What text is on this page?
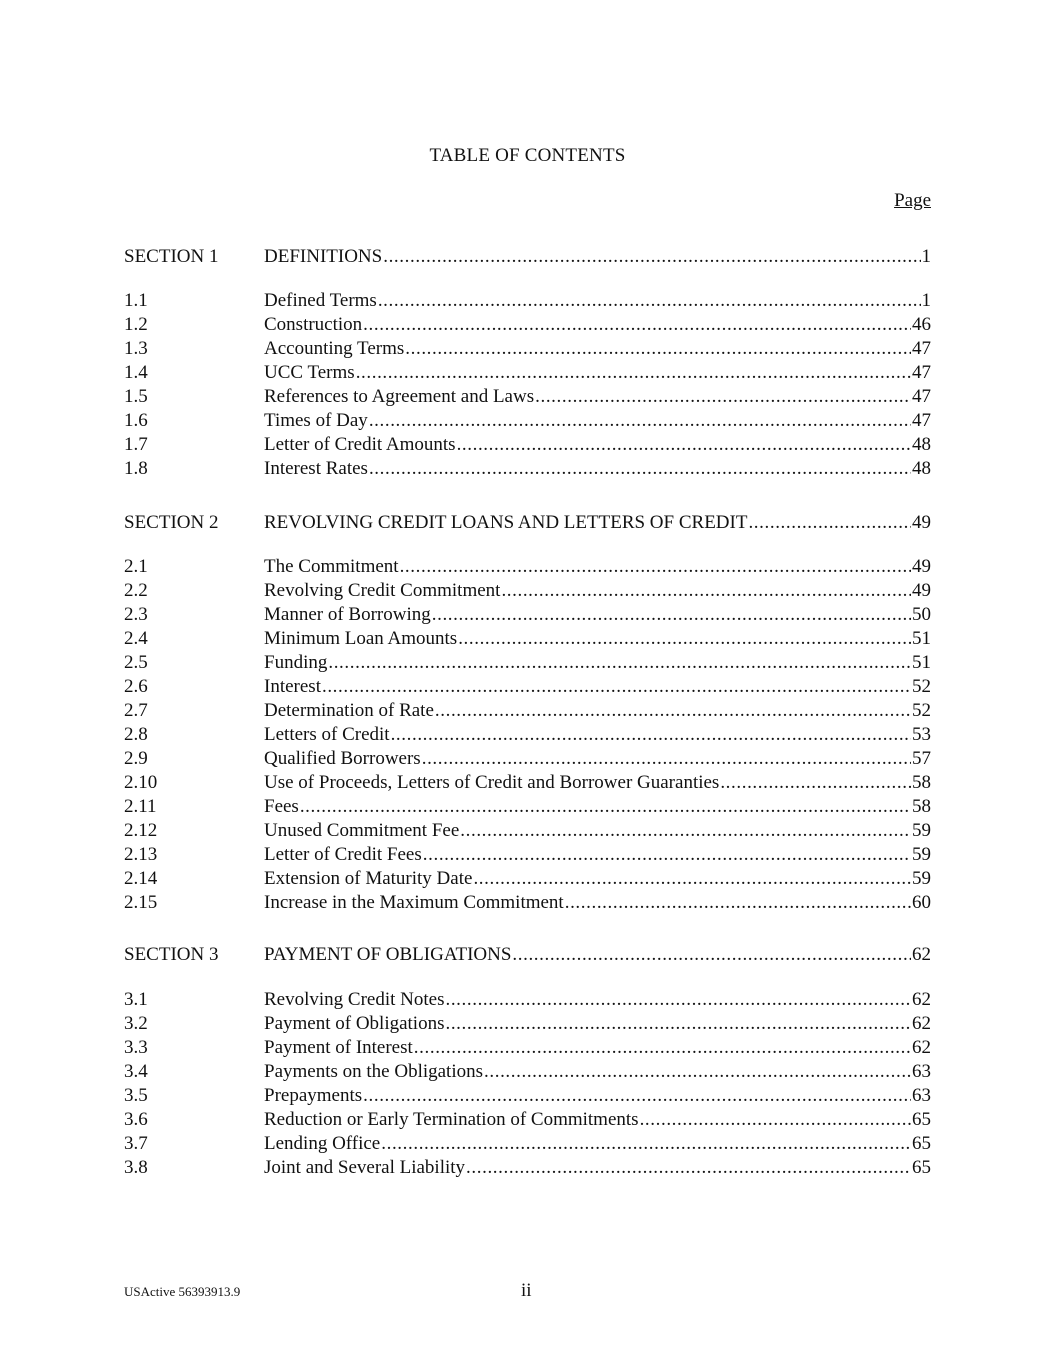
TABLE OF CONTENTS
Page
SECTION 1	DEFINITIONS .....	1
1.1	Defined Terms .....	1
1.2	Construction .....	46
1.3	Accounting Terms .....	47
1.4	UCC Terms .....	47
1.5	References to Agreement and Laws .....	47
1.6	Times of Day .....	47
1.7	Letter of Credit Amounts .....	48
1.8	Interest Rates .....	48
SECTION 2	REVOLVING CREDIT LOANS AND LETTERS OF CREDIT .....	49
2.1	The Commitment .....	49
2.2	Revolving Credit Commitment .....	49
2.3	Manner of Borrowing .....	50
2.4	Minimum Loan Amounts .....	51
2.5	Funding .....	51
2.6	Interest .....	52
2.7	Determination of Rate .....	52
2.8	Letters of Credit .....	53
2.9	Qualified Borrowers .....	57
2.10	Use of Proceeds, Letters of Credit and Borrower Guaranties .....	58
2.11	Fees .....	58
2.12	Unused Commitment Fee .....	59
2.13	Letter of Credit Fees .....	59
2.14	Extension of Maturity Date .....	59
2.15	Increase in the Maximum Commitment .....	60
SECTION 3	PAYMENT OF OBLIGATIONS .....	62
3.1	Revolving Credit Notes .....	62
3.2	Payment of Obligations .....	62
3.3	Payment of Interest .....	62
3.4	Payments on the Obligations .....	63
3.5	Prepayments .....	63
3.6	Reduction or Early Termination of Commitments .....	65
3.7	Lending Office .....	65
3.8	Joint and Several Liability .....	65
USActive 56393913.9	ii
